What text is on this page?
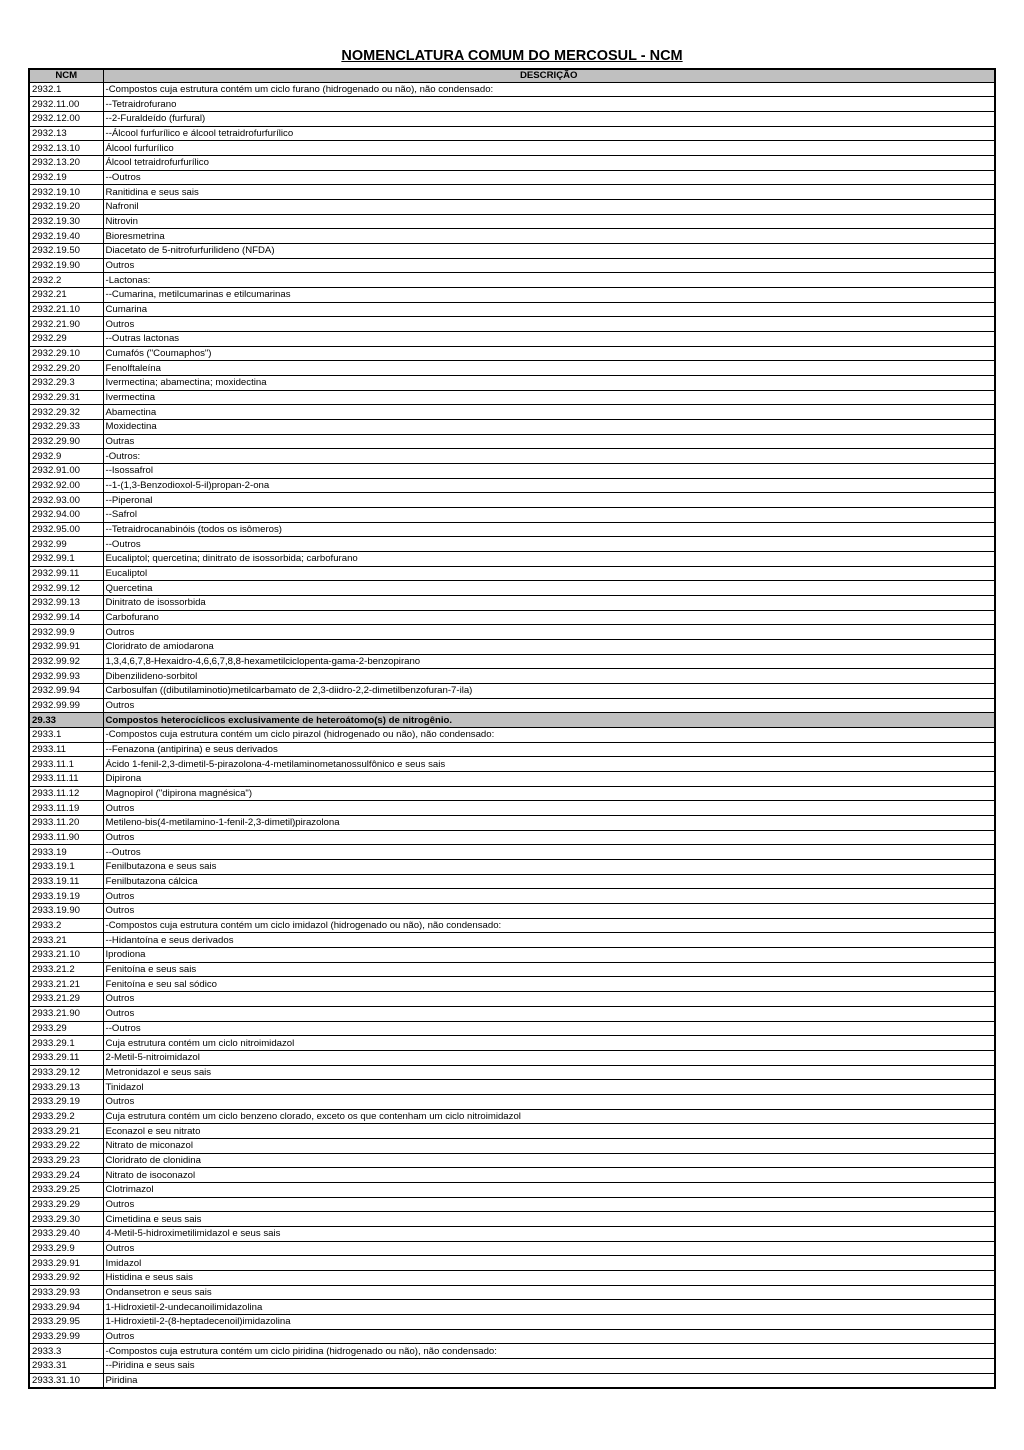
NOMENCLATURA COMUM DO MERCOSUL - NCM
NCM	DESCRIÇÃO
2932.1	-Compostos cuja estrutura contém um ciclo furano (hidrogenado ou não), não condensado:
2932.11.00	--Tetraidrofurano
2932.12.00	--2-Furaldeído (furfural)
2932.13	--Álcool furfurílico e álcool tetraidrofurfurílico
2932.13.10	Álcool furfurílico
2932.13.20	Álcool tetraidrofurfurílico
2932.19	--Outros
2932.19.10	Ranitidina e seus sais
2932.19.20	Nafronil
2932.19.30	Nitrovin
2932.19.40	Bioresmetrina
2932.19.50	Diacetato de 5-nitrofurfurilideno (NFDA)
2932.19.90	Outros
2932.2	-Lactonas:
2932.21	--Cumarina, metilcumarinas e etilcumarinas
2932.21.10	Cumarina
2932.21.90	Outros
2932.29	--Outras lactonas
2932.29.10	Cumafós ("Coumaphos")
2932.29.20	Fenolftaleína
2932.29.3	Ivermectina; abamectina; moxidectina
2932.29.31	Ivermectina
2932.29.32	Abamectina
2932.29.33	Moxidectina
2932.29.90	Outras
2932.9	-Outros:
2932.91.00	--Isossafrol
2932.92.00	--1-(1,3-Benzodioxol-5-il)propan-2-ona
2932.93.00	--Piperonal
2932.94.00	--Safrol
2932.95.00	--Tetraidrocanabinóis (todos os isômeros)
2932.99	--Outros
2932.99.1	Eucaliptol; quercetina; dinitrato de isossorbida; carbofurano
2932.99.11	Eucaliptol
2932.99.12	Quercetina
2932.99.13	Dinitrato de isossorbida
2932.99.14	Carbofurano
2932.99.9	Outros
2932.99.91	Cloridrato de amiodarona
2932.99.92	1,3,4,6,7,8-Hexaidro-4,6,6,7,8,8-hexametilciclopenta-gama-2-benzopirano
2932.99.93	Dibenzilideno-sorbitol
2932.99.94	Carbosulfan ((dibutilaminotio)metilcarbamato de 2,3-diidro-2,2-dimetilbenzofuran-7-ila)
2932.99.99	Outros
29.33	Compostos heterocíclicos exclusivamente de heteroátomo(s) de nitrogênio.
2933.1	-Compostos cuja estrutura contém um ciclo pirazol (hidrogenado ou não), não condensado:
2933.11	--Fenazona (antipirina) e seus derivados
2933.11.1	Ácido 1-fenil-2,3-dimetil-5-pirazolona-4-metilaminometanossulfônico e seus sais
2933.11.11	Dipirona
2933.11.12	Magnopirol ("dipirona magnésica")
2933.11.19	Outros
2933.11.20	Metileno-bis(4-metilamino-1-fenil-2,3-dimetil)pirazolona
2933.11.90	Outros
2933.19	--Outros
2933.19.1	Fenilbutazona e seus sais
2933.19.11	Fenilbutazona cálcica
2933.19.19	Outros
2933.19.90	Outros
2933.2	-Compostos cuja estrutura contém um ciclo imidazol (hidrogenado ou não), não condensado:
2933.21	--Hidantoína e seus derivados
2933.21.10	Iprodiona
2933.21.2	Fenitoína e seus sais
2933.21.21	Fenitoína e seu sal sódico
2933.21.29	Outros
2933.21.90	Outros
2933.29	--Outros
2933.29.1	Cuja estrutura contém um ciclo nitroimidazol
2933.29.11	2-Metil-5-nitroimidazol
2933.29.12	Metronidazol e seus sais
2933.29.13	Tinidazol
2933.29.19	Outros
2933.29.2	Cuja estrutura contém um ciclo benzeno clorado, exceto os que contenham um ciclo nitroimidazol
2933.29.21	Econazol e seu nitrato
2933.29.22	Nitrato de miconazol
2933.29.23	Cloridrato de clonidina
2933.29.24	Nitrato de isoconazol
2933.29.25	Clotrimazol
2933.29.29	Outros
2933.29.30	Cimetidina e seus sais
2933.29.40	4-Metil-5-hidroximetilimidazol e seus sais
2933.29.9	Outros
2933.29.91	Imidazol
2933.29.92	Histidina e seus sais
2933.29.93	Ondansetron e seus sais
2933.29.94	1-Hidroxietil-2-undecanoilimidazolina
2933.29.95	1-Hidroxietil-2-(8-heptadecenoil)imidazolina
2933.29.99	Outros
2933.3	-Compostos cuja estrutura contém um ciclo piridina (hidrogenado ou não), não condensado:
2933.31	--Piridina e seus sais
2933.31.10	Piridina
